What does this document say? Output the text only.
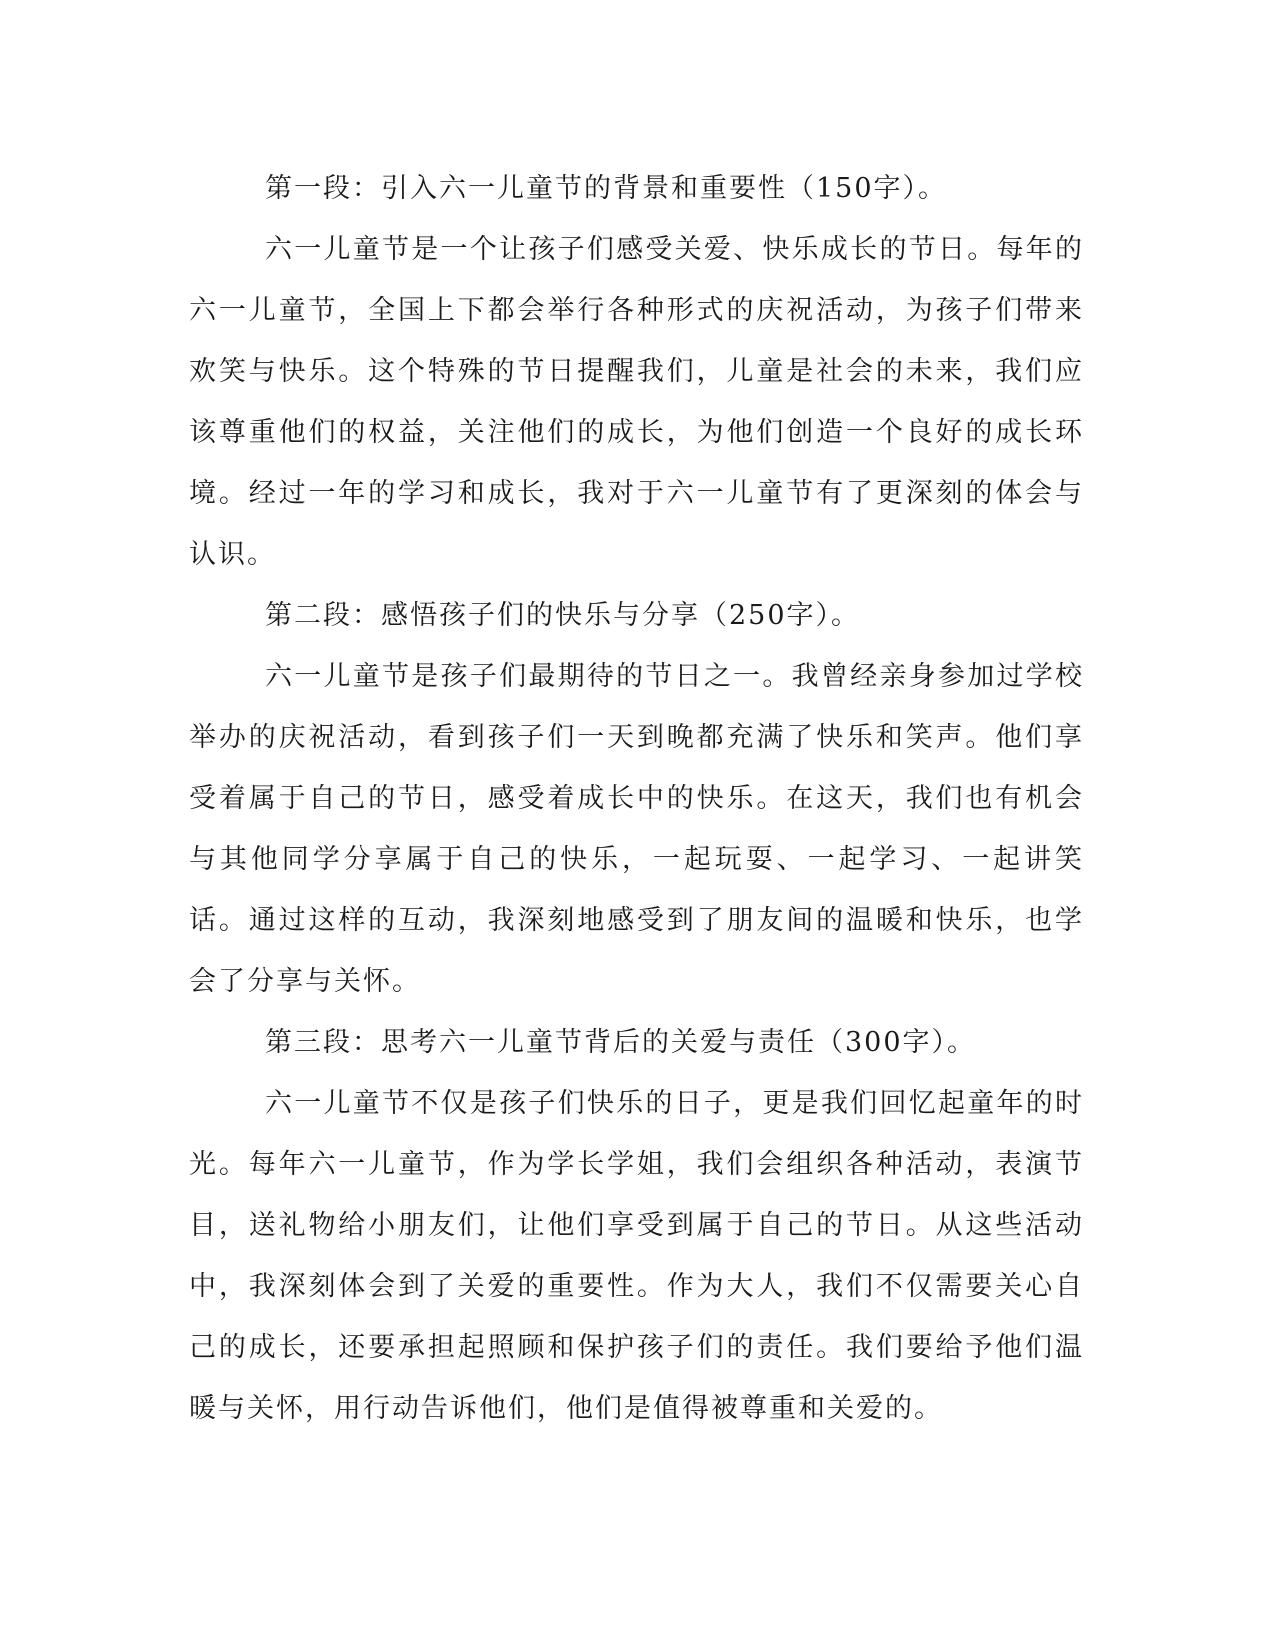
第一段：引入六一儿童节的背景和重要性（150字）。

六一儿童节是一个让孩子们感受关爱、快乐成长的节日。每年的六一儿童节，全国上下都会举行各种形式的庆祝活动，为孩子们带来欢笑与快乐。这个特殊的节日提醒我们，儿童是社会的未来，我们应该尊重他们的权益，关注他们的成长，为他们创造一个良好的成长环境。经过一年的学习和成长，我对于六一儿童节有了更深刻的体会与认识。

第二段：感悟孩子们的快乐与分享（250字）。

六一儿童节是孩子们最期待的节日之一。我曾经亲身参加过学校举办的庆祝活动，看到孩子们一天到晚都充满了快乐和笑声。他们享受着属于自己的节日，感受着成长中的快乐。在这天，我们也有机会与其他同学分享属于自己的快乐，一起玩耍、一起学习、一起讲笑话。通过这样的互动，我深刻地感受到了朋友间的温暖和快乐，也学会了分享与关怀。

第三段：思考六一儿童节背后的关爱与责任（300字）。

六一儿童节不仅是孩子们快乐的日子，更是我们回忆起童年的时光。每年六一儿童节，作为学长学姐，我们会组织各种活动，表演节目，送礼物给小朋友们，让他们享受到属于自己的节日。从这些活动中，我深刻体会到了关爱的重要性。作为大人，我们不仅需要关心自己的成长，还要承担起照顾和保护孩子们的责任。我们要给予他们温暖与关怀，用行动告诉他们，他们是值得被尊重和关爱的。
